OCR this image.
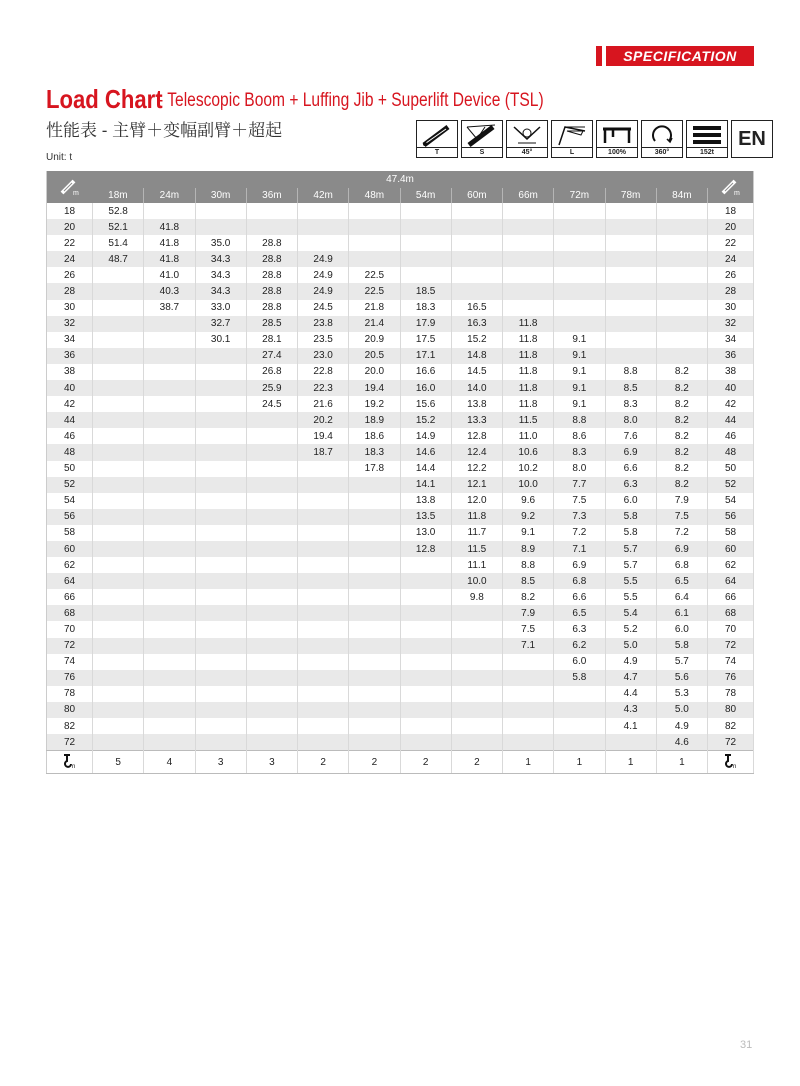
SPECIFICATION
Load Chart
- Telescopic Boom + Luffing Jib + Superlift Device (TSL)
性能表 - 主臂＋变幅副臂＋超起
Unit: t	T	S	45°	L	100%	360°	152t
EN
m	47.4m												m

	18m	24m	30m	36m	42m	48m	54m	60m	66m	72m	78m	84m	
18	52.8												18
20	52.1	41.8											20
22	51.4	41.8	35.0	28.8									22
24	48.7	41.8	34.3	28.8	24.9								24
26		41.0	34.3	28.8	24.9	22.5							26
28		40.3	34.3	28.8	24.9	22.5	18.5						28
30		38.7	33.0	28.8	24.5	21.8	18.3	16.5					30
32			32.7	28.5	23.8	21.4	17.9	16.3	11.8				32
34			30.1	28.1	23.5	20.9	17.5	15.2	11.8	9.1			34
36				27.4	23.0	20.5	17.1	14.8	11.8	9.1			36
38				26.8	22.8	20.0	16.6	14.5	11.8	9.1	8.8	8.2	38
40				25.9	22.3	19.4	16.0	14.0	11.8	9.1	8.5	8.2	40
42				24.5	21.6	19.2	15.6	13.8	11.8	9.1	8.3	8.2	42
44					20.2	18.9	15.2	13.3	11.5	8.8	8.0	8.2	44
46					19.4	18.6	14.9	12.8	11.0	8.6	7.6	8.2	46
48					18.7	18.3	14.6	12.4	10.6	8.3	6.9	8.2	48
50						17.8	14.4	12.2	10.2	8.0	6.6	8.2	50
52							14.1	12.1	10.0	7.7	6.3	8.2	52
54							13.8	12.0	9.6	7.5	6.0	7.9	54
56							13.5	11.8	9.2	7.3	5.8	7.5	56
58							13.0	11.7	9.1	7.2	5.8	7.2	58
60							12.8	11.5	8.9	7.1	5.7	6.9	60
62								11.1	8.8	6.9	5.7	6.8	62
64								10.0	8.5	6.8	5.5	6.5	64
66								9.8	8.2	6.6	5.5	6.4	66
68									7.9	6.5	5.4	6.1	68
70									7.5	6.3	5.2	6.0	70
72									7.1	6.2	5.0	5.8	72
74										6.0	4.9	5.7	74
76										5.8	4.7	5.6	76
78											4.4	5.3	78
80											4.3	5.0	80
82											4.1	4.9	82
72												4.6	72

n	5	4	3	3	2	2	2	2	1	1	1	1	n
31
